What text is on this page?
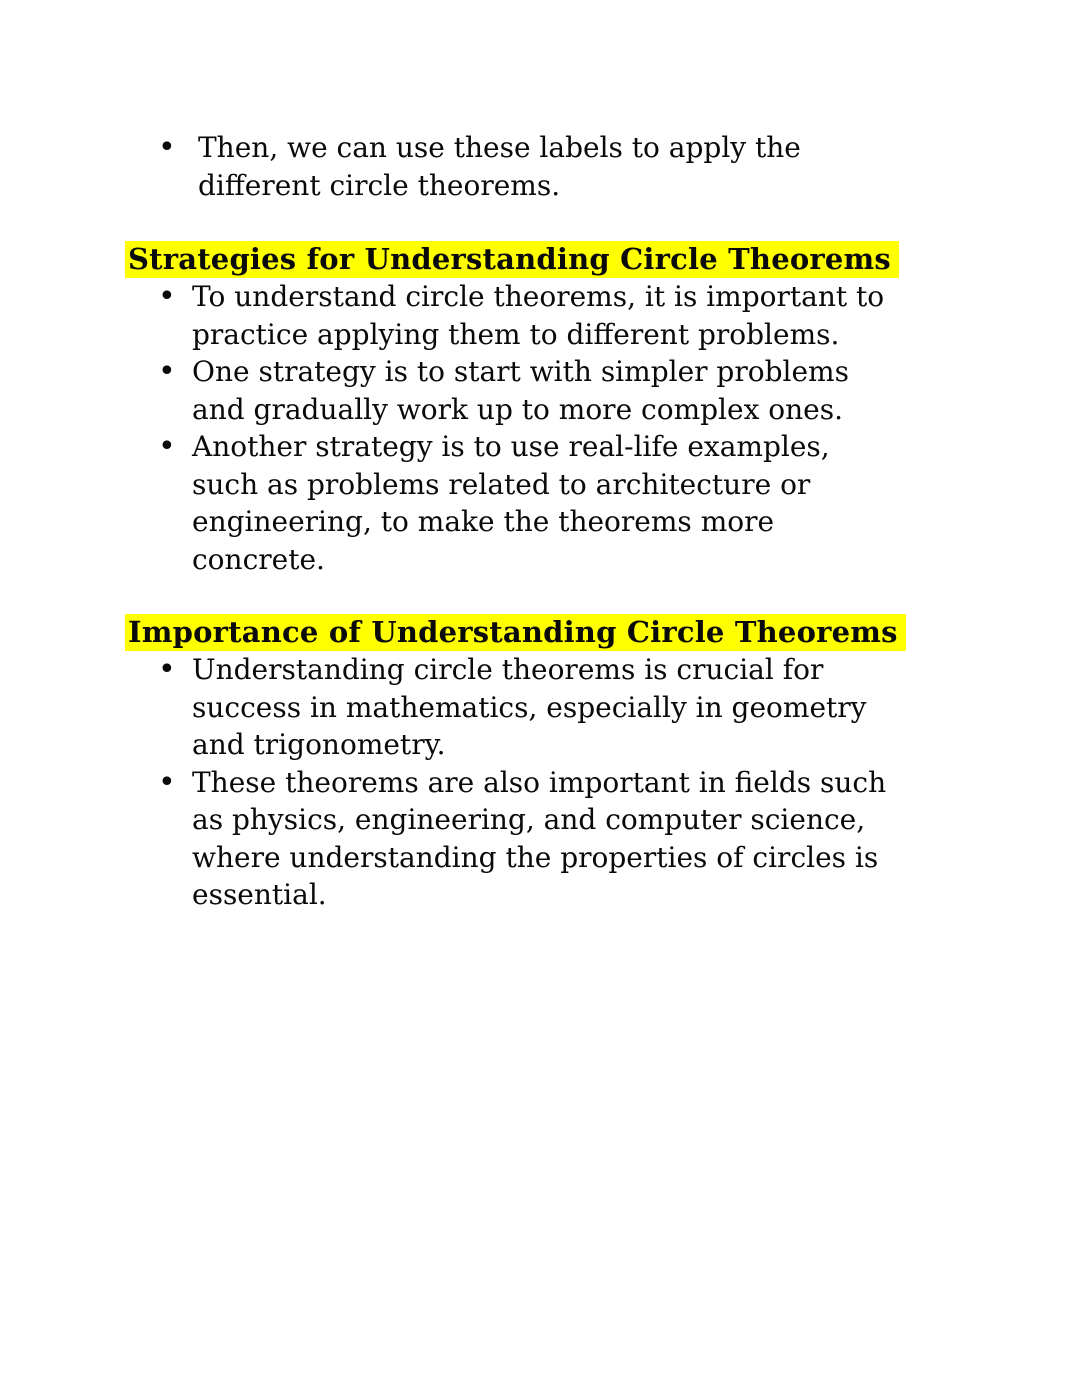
• Then, we can use these labels to apply the different circle theorems.
Strategies for Understanding Circle Theorems
• To understand circle theorems, it is important to practice applying them to different problems.
• One strategy is to start with simpler problems and gradually work up to more complex ones.
• Another strategy is to use real-life examples, such as problems related to architecture or engineering, to make the theorems more concrete.
Importance of Understanding Circle Theorems
• Understanding circle theorems is crucial for success in mathematics, especially in geometry and trigonometry.
• These theorems are also important in fields such as physics, engineering, and computer science, where understanding the properties of circles is essential.
